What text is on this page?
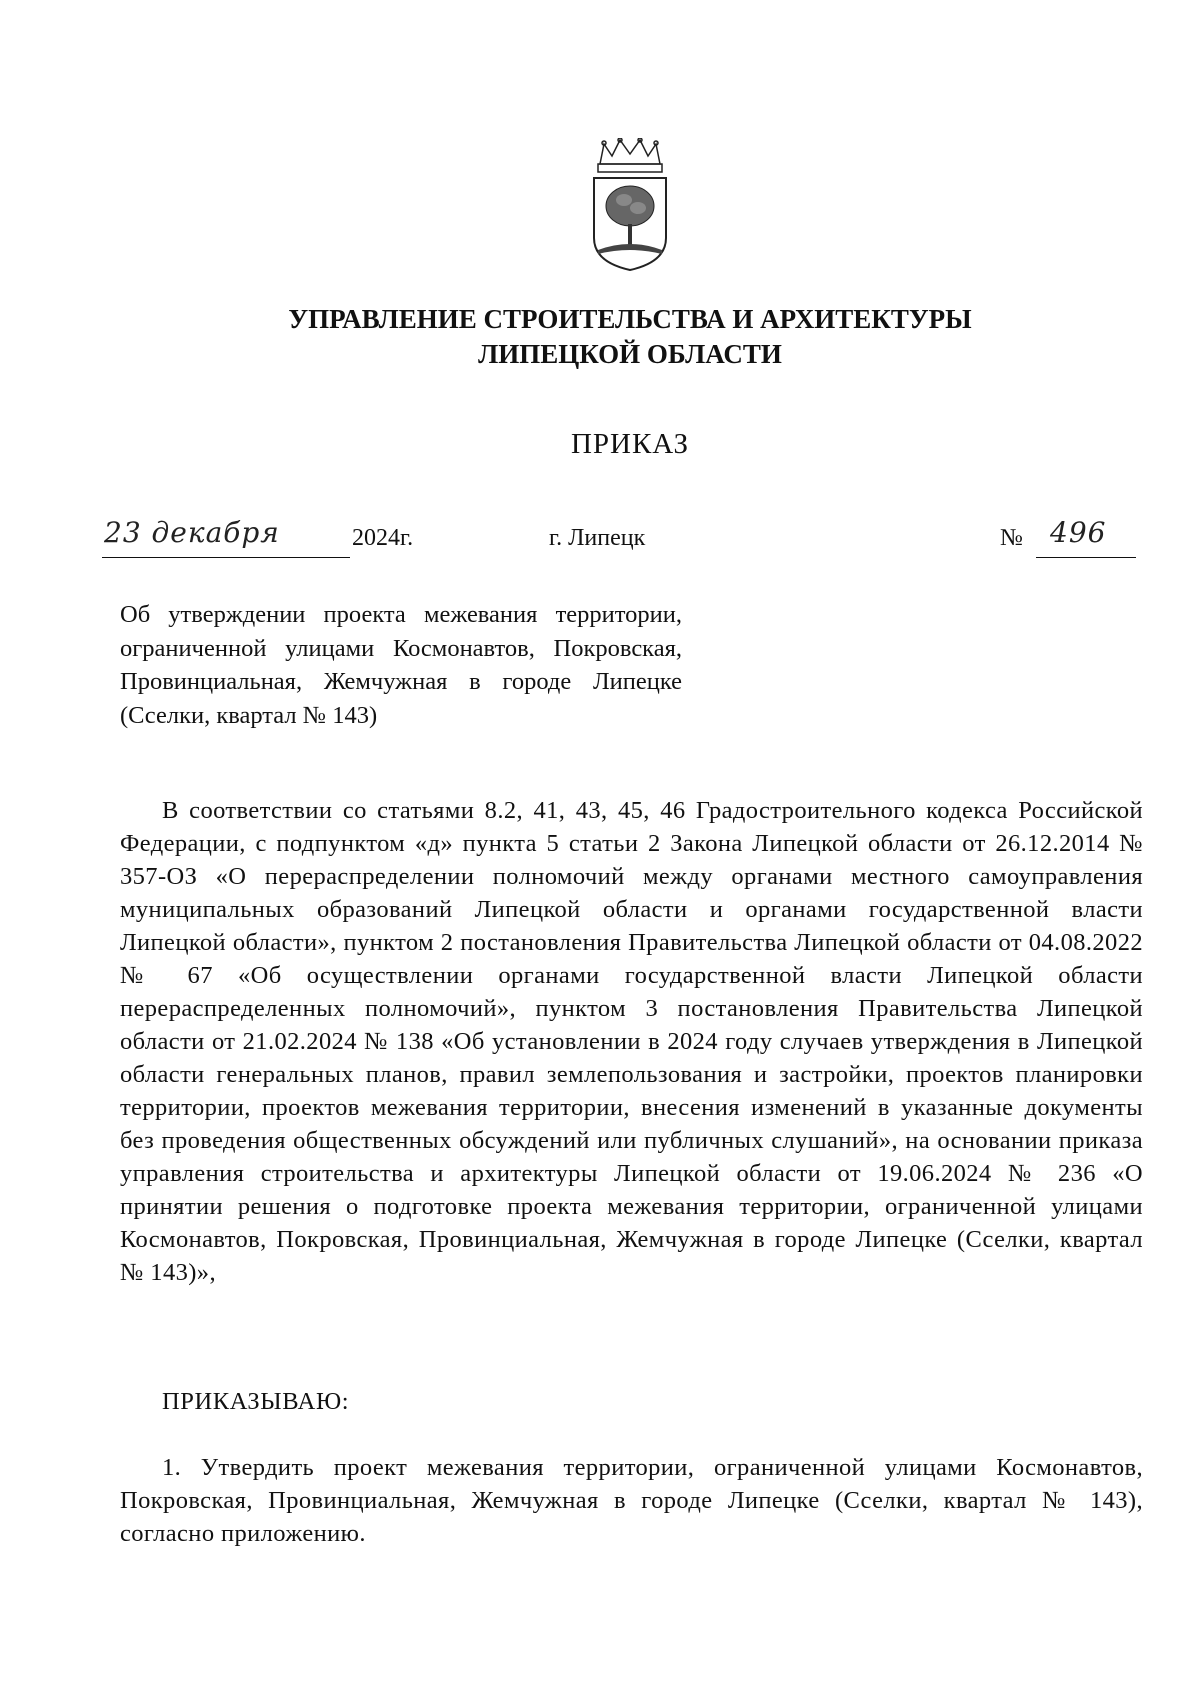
УПРАВЛЕНИЕ СТРОИТЕЛЬСТВА И АРХИТЕКТУРЫ
ЛИПЕЦКОЙ ОБЛАСТИ
ПРИКАЗ
23 декабря	2024г.	г. Липецк	№ 496
Об утверждении проекта межевания территории, ограниченной улицами Космонавтов, Покровская, Провинциальная, Жемчужная в городе Липецке (Сселки, квартал № 143)
В соответствии со статьями 8.2, 41, 43, 45, 46 Градостроительного кодекса Российской Федерации, с подпунктом «д» пункта 5 статьи 2 Закона Липецкой области от 26.12.2014 № 357-ОЗ «О перераспределении полномочий между органами местного самоуправления муниципальных образований Липецкой области и органами государственной власти Липецкой области», пунктом 2 постановления Правительства Липецкой области от 04.08.2022 № 67 «Об осуществлении органами государственной власти Липецкой области перераспределенных полномочий», пунктом 3 постановления Правительства Липецкой области от 21.02.2024 № 138 «Об установлении в 2024 году случаев утверждения в Липецкой области генеральных планов, правил землепользования и застройки, проектов планировки территории, проектов межевания территории, внесения изменений в указанные документы без проведения общественных обсуждений или публичных слушаний», на основании приказа управления строительства и архитектуры Липецкой области от 19.06.2024 № 236 «О принятии решения о подготовке проекта межевания территории, ограниченной улицами Космонавтов, Покровская, Провинциальная, Жемчужная в городе Липецке (Сселки, квартал № 143)»,
ПРИКАЗЫВАЮ:
1. Утвердить проект межевания территории, ограниченной улицами Космонавтов, Покровская, Провинциальная, Жемчужная в городе Липецке (Сселки, квартал № 143), согласно приложению.
